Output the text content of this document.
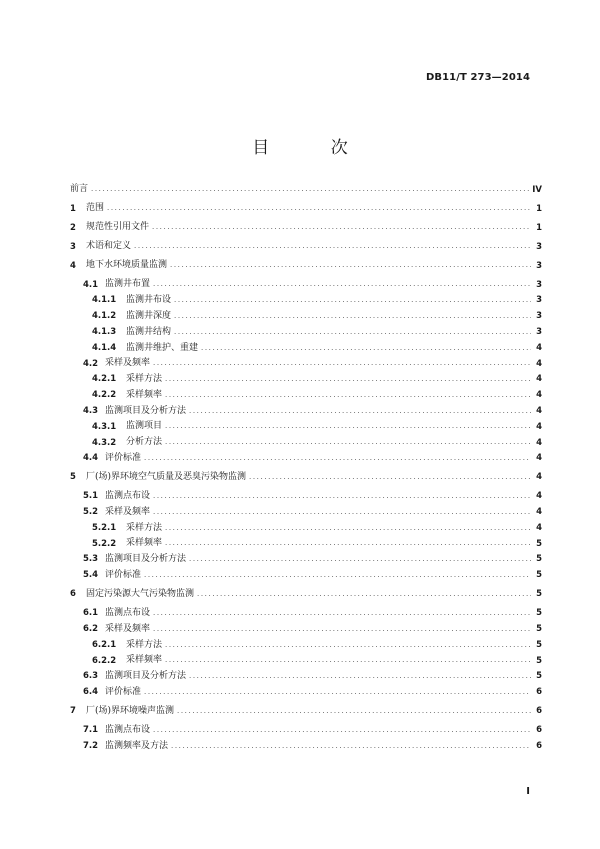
DB11/T 273—2014
目 次
前言 .....	IV
1	范围 .....	1
2	规范性引用文件 .....	1
3	术语和定义 .....	3
4	地下水环境质量监测 .....	3
4.1 监测井布置 .....	3
4.1.1	监测井布设 .....	3
4.1.2	监测井深度 .....	3
4.1.3	监测井结构 .....	3
4.1.4	监测井维护、重建 .....	4
4.2 采样及频率 .....	4
4.2.1	采样方法 .....	4
4.2.2	采样频率 .....	4
4.3 监测项目及分析方法 .....	4
4.3.1	监测项目 .....	4
4.3.2	分析方法 .....	4
4.4 评价标准 .....	4
5	厂(场)界环境空气质量及恶臭污染物监测 .....	4
5.1 监测点布设 .....	4
5.2 采样及频率 .....	4
5.2.1	采样方法 .....	4
5.2.2	采样频率 .....	5
5.3 监测项目及分析方法 .....	5
5.4 评价标准 .....	5
6	固定污染源大气污染物监测 .....	5
6.1 监测点布设 .....	5
6.2 采样及频率 .....	5
6.2.1	采样方法 .....	5
6.2.2	采样频率 .....	5
6.3 监测项目及分析方法 .....	5
6.4 评价标准 .....	6
7	厂(场)界环境噪声监测 .....	6
7.1 监测点布设 .....	6
7.2 监测频率及方法 .....	6
I
